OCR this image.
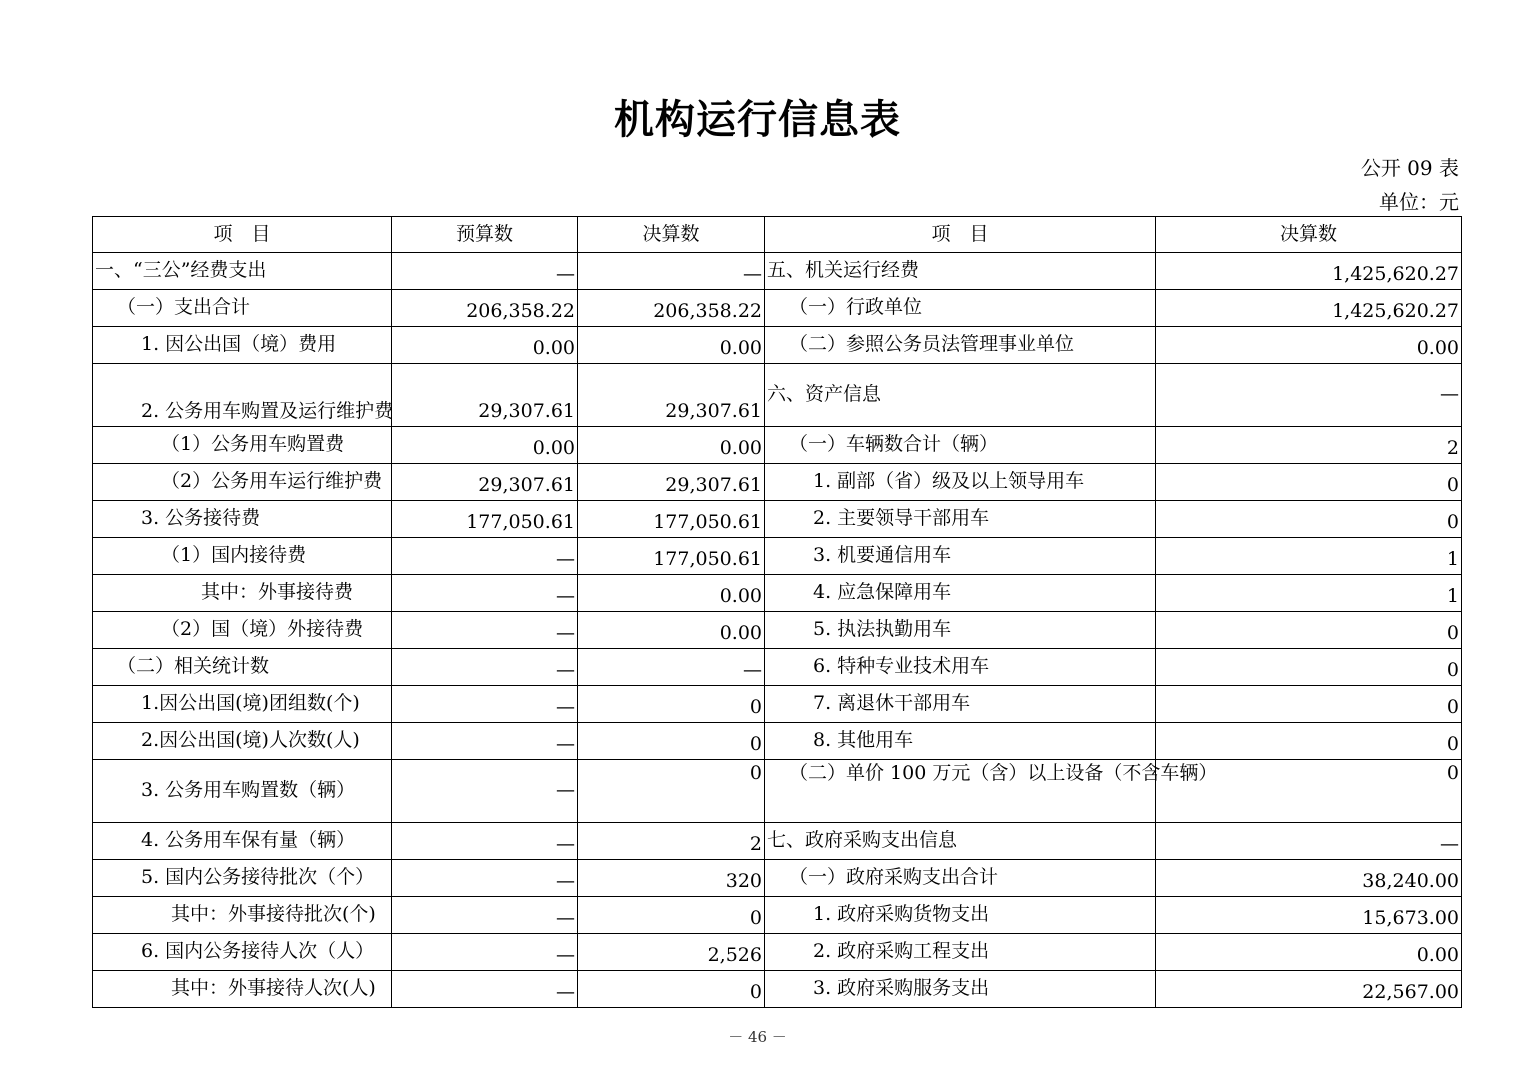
机构运行信息表
公开 09 表
单位：元
项　目	预算数	决算数	项　目	决算数
一、“三公”经费支出	—	—	五、机关运行经费	1,425,620.27
（一）支出合计	206,358.22	206,358.22	（一）行政单位	1,425,620.27
1. 因公出国（境）费用	0.00	0.00	（二）参照公务员法管理事业单位	0.00
2. 公务用车购置及运行维护费	29,307.61	29,307.61	六、资产信息	—
（1）公务用车购置费	0.00	0.00	（一）车辆数合计（辆）	2
（2）公务用车运行维护费	29,307.61	29,307.61	1. 副部（省）级及以上领导用车	0
3. 公务接待费	177,050.61	177,050.61	2. 主要领导干部用车	0
（1）国内接待费	—	177,050.61	3. 机要通信用车	1
其中：外事接待费	—	0.00	4. 应急保障用车	1
（2）国（境）外接待费	—	0.00	5. 执法执勤用车	0
（二）相关统计数	—	—	6. 特种专业技术用车	0
1.因公出国(境)团组数(个)	—	0	7. 离退休干部用车	0
2.因公出国(境)人次数(人)	—	0	8. 其他用车	0
3. 公务用车购置数（辆）	—	0	（二）单价 100 万元（含）以上设备（不含车辆）	0
4. 公务用车保有量（辆）	—	2	七、政府采购支出信息	—
5. 国内公务接待批次（个）	—	320	（一）政府采购支出合计	38,240.00
其中：外事接待批次(个)	—	0	1. 政府采购货物支出	15,673.00
6. 国内公务接待人次（人）	—	2,526	2. 政府采购工程支出	0.00
其中：外事接待人次(人)	—	0	3. 政府采购服务支出	22,567.00
－ 46 －
